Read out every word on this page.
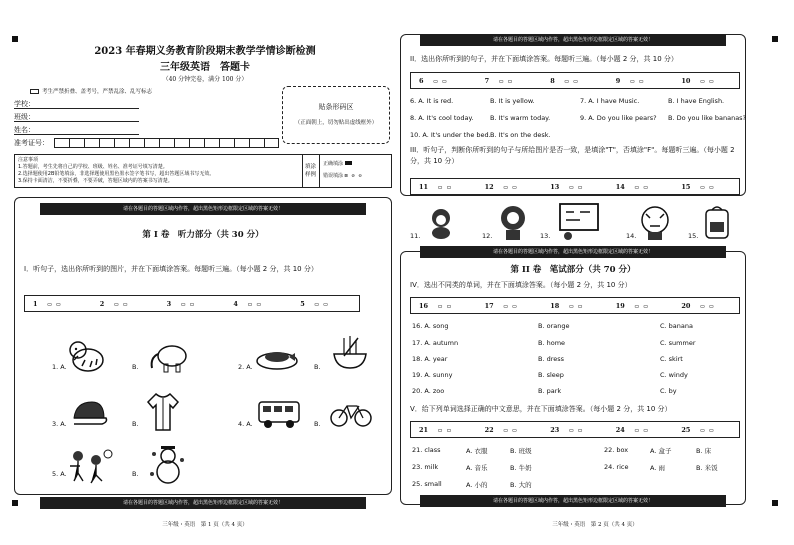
2023 年春期义务教育阶段期末教学学情诊断检测
三年级英语　答题卡
（40 分钟完卷，满分 100 分）
考生严禁折叠、盖考号，严禁乱涂、乱写标志
学校：
班级：
姓名：
准考证号：
贴条形码区
（正面朝上，切勿贴出虚线框外）
注意事项
1.答题前，考生先将自己的学校、班级、姓名、准考证号填写清楚。
2.选择题使用2B铅笔填涂，非选择题使用黑色墨水签字笔书写，超出答题区域书写无效。
3.保持卡面清洁，不要折叠，不要弄破，答题区域内的答案书写清楚。
填涂样例
正确填涂
错误填涂 ⊠ ⊘ ⊙
请在各题目的答题区域内作答，超出黑色矩形边框限定区域的答案无效！
第 I 卷　听力部分（共 30 分）
I．听句子，选出你所听到的图片，并在下面填涂答案。每题听三遍。（每小题 2 分，共 10 分）
1 ▭ ▭	2 ▭ ▭	3 ▭ ▭	4 ▭ ▭	5 ▭ ▭
1. A.	B.	2. A.	B.
3. A.	B.	4. A.	B.
5. A.	B.
请在各题目的答题区域内作答，超出黑色矩形边框限定区域的答案无效！
三年级・英语　第 1 页（共 4 页）
请在各题目的答题区域内作答，超出黑色矩形边框限定区域的答案无效！
II．选出你所听到的句子，并在下面填涂答案。每题听三遍。（每小题 2 分，共 10 分）
6 ▭ ▭	7 ▭ ▭	8 ▭ ▭	9 ▭ ▭	10 ▭ ▭
6. A. It is red.	B. It is yellow.	7. A. I have Music.	B. I have English.
8. A. It's cool today.	B. It's warm today.	9. A. Do you like pears? B. Do you like bananas?
10. A. It's under the bed. B. It's on the desk.
III．听句子，判断你所听到的句子与所给图片是否一致，是填涂"T"，否填涂"F"。每题听三遍。（每小题 2 分，共 10 分）
11 ▭ ▭	12 ▭ ▭	13 ▭ ▭	14 ▭ ▭	15 ▭ ▭
11.	12.	13.	14.	15.
请在各题目的答题区域内作答，超出黑色矩形边框限定区域的答案无效！
第 II 卷　笔试部分（共 70 分）
IV．选出不同类的单词，并在下面填涂答案。（每小题 2 分，共 10 分）
16 ▭ ▭	17 ▭ ▭	18 ▭ ▭	19 ▭ ▭	20 ▭ ▭
16. A. song	B. orange	C. banana
17. A. autumn	B. home	C. summer
18. A. year	B. dress	C. skirt
19. A. sunny	B. sleep	C. windy
20. A. zoo	B. park	C. by
V．给下列单词选择正确的中文意思，并在下面填涂答案。（每小题 2 分，共 10 分）
21 ▭ ▭	22 ▭ ▭	23 ▭ ▭	24 ▭ ▭	25 ▭ ▭
21. class	A. 衣服	B. 班级	22. box	A. 盒子	B. 床
23. milk	A. 音乐	B. 牛奶	24. rice	A. 雨	B. 米饭
25. small	A. 小的	B. 大的
请在各题目的答题区域内作答，超出黑色矩形边框限定区域的答案无效！
三年级・英语　第 2 页（共 4 页）
